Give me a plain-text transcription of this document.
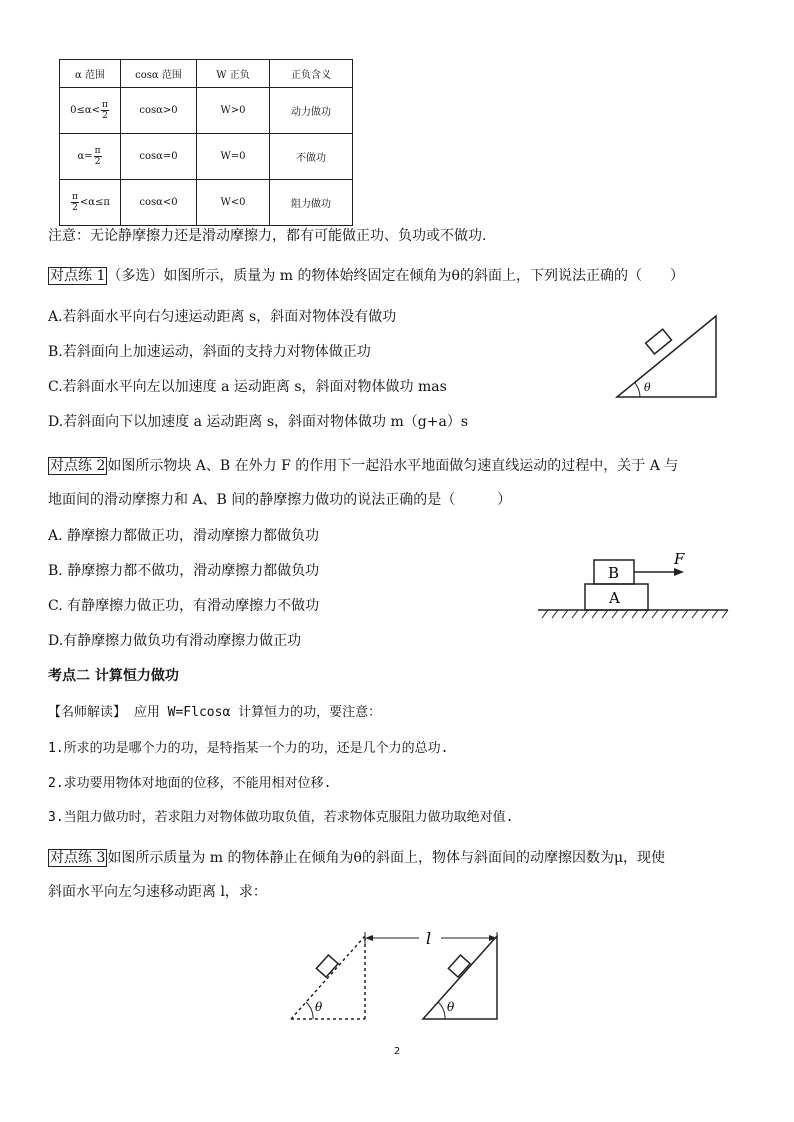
α 范围	cosα 范围	W 正负	正负含义
$0\le\alpha< \frac{\pi}{2}$	cosα>0	W>0	动力做功
$\alpha= \frac{\pi}{2}$	cosα=0	W=0	不做功

$\frac{\pi}{2} <\alpha\le\pi$	cosα<0	W<0	阻力做功
注意：无论静摩擦力还是滑动摩擦力，都有可能做正功、负功或不做功.
对点练 1 （多选）如图所示，质量为 m 的物体始终固定在倾角为θ的斜面上，下列说法正确的（　　）
A.若斜面水平向右匀速运动距离 s，斜面对物体没有做功
B.若斜面向上加速运动，斜面的支持力对物体做正功
C.若斜面水平向左以加速度 a 运动距离 s，斜面对物体做功 mas
D.若斜面向下以加速度 a 运动距离 s，斜面对物体做功 m（g+a）s
θ
对点练 2 如图所示物块 A、B 在外力 F 的作用下一起沿水平地面做匀速直线运动的过程中，关于 A 与
地面间的滑动摩擦力和 A、B 间的静摩擦力做功的说法正确的是（　　　）
A. 静摩擦力都做正功，滑动摩擦力都做负功
B. 静摩擦力都不做功，滑动摩擦力都做负功
C. 有静摩擦力做正功，有滑动摩擦力不做功
D.有静摩擦力做负功有滑动摩擦力做正功
B
A
F
考点二 计算恒力做功
【名师解读】 应用 W=Flcosα 计算恒力的功，要注意：
1.所求的功是哪个力的功，是特指某一个力的功，还是几个力的总功.
2.求功要用物体对地面的位移，不能用相对位移.
3.当阻力做功时，若求阻力对物体做功取负值，若求物体克服阻力做功取绝对值.
对点练 3 如图所示质量为 m 的物体静止在倾角为θ的斜面上，物体与斜面间的动摩擦因数为μ，现使
斜面水平向左匀速移动距离 l，求：
θ
l
θ
2
